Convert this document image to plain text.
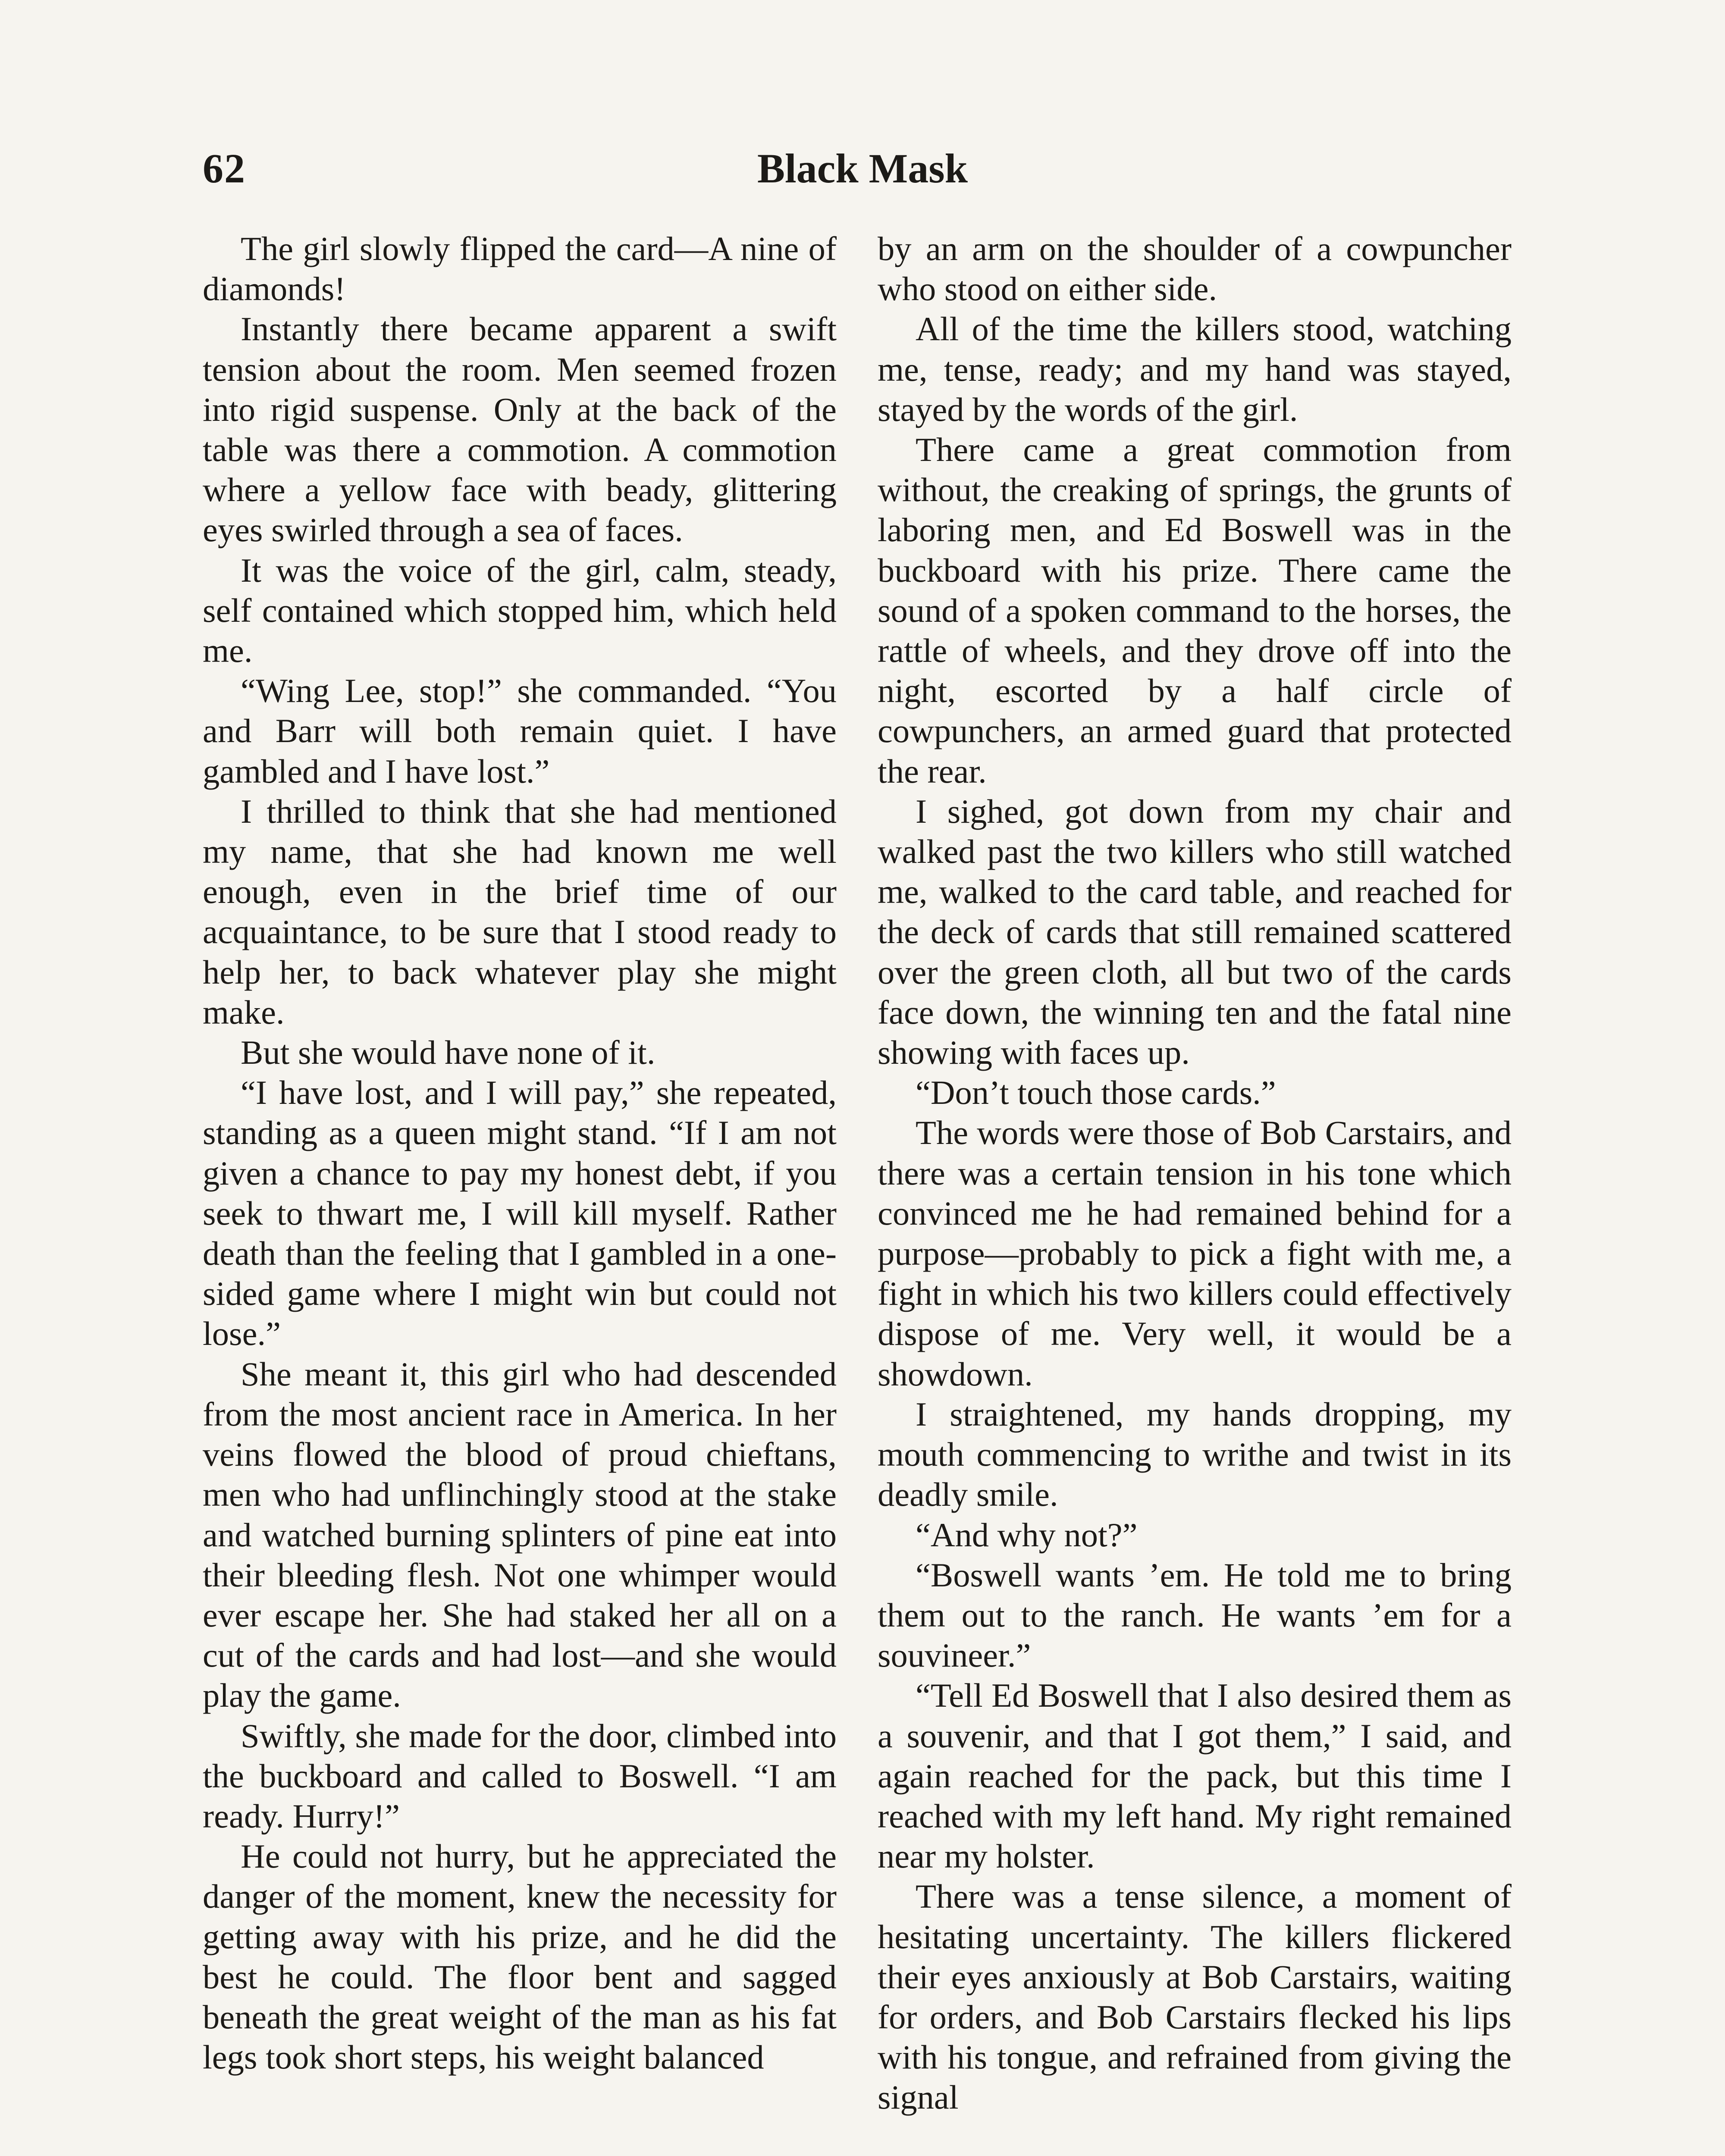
62	Black Mask

The girl slowly flipped the card—A nine of diamonds!

Instantly there became apparent a swift tension about the room. Men seemed frozen into rigid suspense. Only at the back of the table was there a commotion. A commotion where a yellow face with beady, glittering eyes swirled through a sea of faces.

It was the voice of the girl, calm, steady, self contained which stopped him, which held me.

“Wing Lee, stop!” she commanded. “You and Barr will both remain quiet. I have gambled and I have lost.”

I thrilled to think that she had mentioned my name, that she had known me well enough, even in the brief time of our acquaintance, to be sure that I stood ready to help her, to back whatever play she might make.

But she would have none of it.

“I have lost, and I will pay,” she repeated, standing as a queen might stand. “If I am not given a chance to pay my honest debt, if you seek to thwart me, I will kill myself. Rather death than the feeling that I gambled in a one-sided game where I might win but could not lose.”

She meant it, this girl who had descended from the most ancient race in America. In her veins flowed the blood of proud chieftans, men who had unflinchingly stood at the stake and watched burning splinters of pine eat into their bleeding flesh. Not one whimper would ever escape her. She had staked her all on a cut of the cards and had lost—and she would play the game.

Swiftly, she made for the door, climbed into the buckboard and called to Boswell. “I am ready. Hurry!”

He could not hurry, but he appreciated the danger of the moment, knew the necessity for getting away with his prize, and he did the best he could. The floor bent and sagged beneath the great weight of the man as his fat legs took short steps, his weight balanced

by an arm on the shoulder of a cowpuncher who stood on either side.

All of the time the killers stood, watching me, tense, ready; and my hand was stayed, stayed by the words of the girl.

There came a great commotion from without, the creaking of springs, the grunts of laboring men, and Ed Boswell was in the buckboard with his prize. There came the sound of a spoken command to the horses, the rattle of wheels, and they drove off into the night, escorted by a half circle of cowpunchers, an armed guard that protected the rear.

I sighed, got down from my chair and walked past the two killers who still watched me, walked to the card table, and reached for the deck of cards that still remained scattered over the green cloth, all but two of the cards face down, the winning ten and the fatal nine showing with faces up.

“Don’t touch those cards.”

The words were those of Bob Carstairs, and there was a certain tension in his tone which convinced me he had remained behind for a purpose—probably to pick a fight with me, a fight in which his two killers could effectively dispose of me. Very well, it would be a showdown.

I straightened, my hands dropping, my mouth commencing to writhe and twist in its deadly smile.

“And why not?”

“Boswell wants ’em. He told me to bring them out to the ranch. He wants ’em for a souvineer.”

“Tell Ed Boswell that I also desired them as a souvenir, and that I got them,” I said, and again reached for the pack, but this time I reached with my left hand. My right remained near my holster.

There was a tense silence, a moment of hesitating uncertainty. The killers flickered their eyes anxiously at Bob Carstairs, waiting for orders, and Bob Carstairs flecked his lips with his tongue, and refrained from giving the signal
